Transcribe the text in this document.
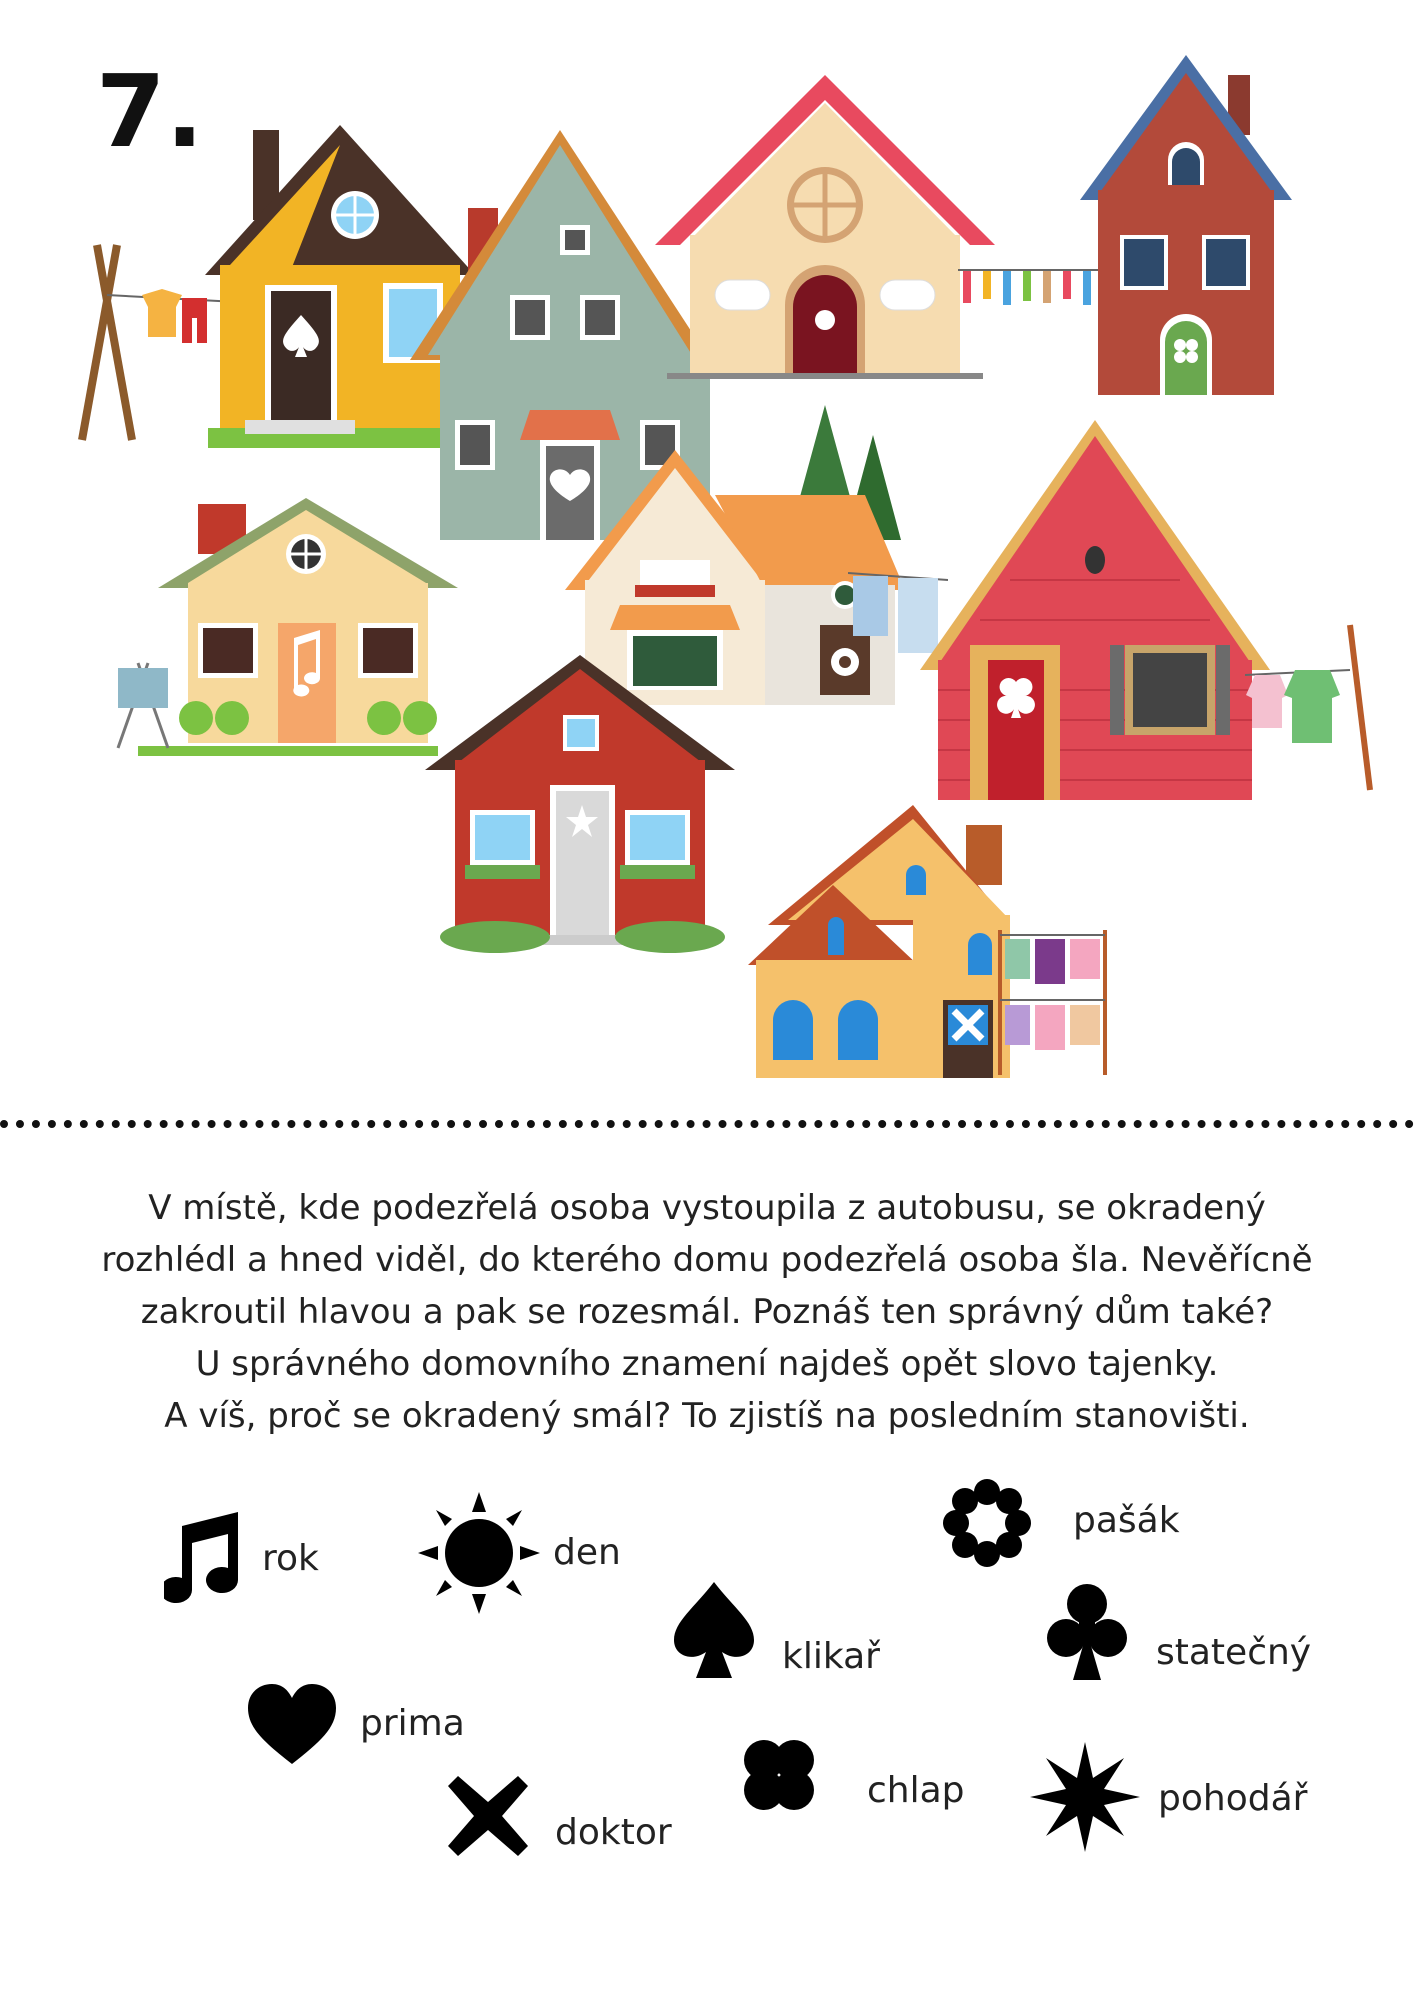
7.
V místě, kde podezřelá osoba vystoupila z autobusu, se okradený
rozhlédl a hned viděl, do kterého domu podezřelá osoba šla. Nevěřícně
zakroutil hlavou a pak se rozesmál. Poznáš ten správný dům také?
U správného domovního znamení najdeš opět slovo tajenky.
A víš, proč se okradený smál? To zjistíš na posledním stanovišti.
rok	den
pašák
klikař	statečný
prima
chlap
doktor
pohodář
